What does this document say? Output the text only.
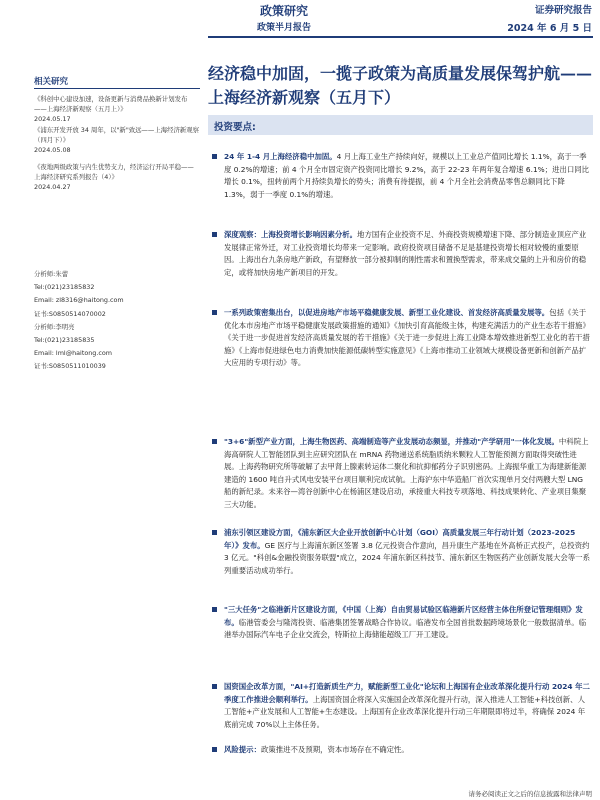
政策研究
政策半月报告
证券研究报告
2024 年 6 月 5 日
经济稳中加固，一揽子政策为高质量发展保驾护航——上海经济新观察（五月下）
相关研究
《科创中心建设加速，设备更新与消费品换新计划发布——上海经济新观察（五月上）》
2024.05.17
《浦东开发开放 34 周年，以"新"致远——上海经济新观察（四月下）》
2024.05.08
《夜地两级政策与内生优势支力，经济运行开局平稳——上海经济研究系列报告（4）》
2024.04.27
分析师:朱蕾
Tel:(021)23185832
Email: zl8316@haitong.com
证书:S0850514070002
分析师:李明亮
Tel:(021)23185835
Email: lml@haitong.com
证书:S0850511010039
投资要点:
24 年 1-4 月上海经济稳中加固。4 月上海工业生产持续向好，规模以上工业总产值同比增长 1.1%，高于一季度 0.2%的增速；前 4 个月全市固定资产投资同比增长 9.2%，高于 22-23 年两年复合增速 6.1%；进出口同比增长 0.1%，扭转前两个月持续负增长的势头；消费有待提振，前 4 个月全社会消费品零售总额同比下降 1.3%，弱于一季度 0.1%的增速。
深度观察：上海投资增长影响因素分析。地方国有企业投资不足、外商投资规模增速下降、部分制造业顶应产业发展律正常外迁，对工业投资增长均带来一定影响。政府投资项目储备不足是基建投资增长相对较慢的重要原因。上海出台九条房地产新政，有望释放一部分被抑制的刚性需求和置换型需求，带来成交量的上升和房价的稳定，或将加快房地产新项目的开发。
一系列政策密集出台，以促进房地产市场平稳健康发展、新型工业化建设、首发经济高质量发展等。包括《关于优化本市房地产市场平稳健康发展政策措施的通知》《加快引育高能级主体，构建充满活力的产业生态若干措施》《关于进一步促进首发经济高质量发展的若干措施》《关于进一步促进上海工业降本增效推进新型工业化的若干措施》《上海市促进绿色电力消费加快能源低碳转型实施意见》《上海市推动工业领域大规模设备更新和创新产品扩大应用的专项行动》等。
"3+6"新型产业方面，上海生物医药、高端制造等产业发展动态频显，并推动"产学研用"一体化发展。中科院上海高研院人工智能团队到主应研究团队在 mRNA 药物递送系统脂质纳米颗粒人工智能预测方面取得突破性进展。上海药物研究所等破解了去甲肾上腺素转运体二聚化和抗抑郁药分子识别密码。上海振华重工为海建新能源建造的 1600 吨自升式风电安装平台项目顺利完成试航。上海沪东中华造船厂首次实现单月交付两艘大型 LNG 船的新纪录。未来谷—湾谷创新中心在杨浦区建设启动，承接重大科技专项落地、科技成果转化、产业项目集聚三大功能。
浦东引领区建设方面，《浦东新区大企业开放创新中心计划（GOI）高质量发展三年行动计划（2023-2025 年）》发布。GE 医疗与上海浦东新区签署 3.8 亿元投资合作意向，昌升康生产基地在外高桥正式投产，总投资约 3 亿元。"科创&金融投资服务联盟"成立，2024 年浦东新区科技节、浦东新区生物医药产业创新发展大会等一系列重要活动成功举行。
"三大任务"之临港新片区建设方面，《中国（上海）自由贸易试验区临港新片区经营主体住所登记管理细则》发布。临港管委会与隆湾投资、临港集团签署战略合作协议。临港发布全国首批数据跨境场景化一般数据清单。临港举办国际汽车电子企业交流会，特斯拉上海储能超级工厂开工建设。
国资国企改革方面，"AI+打造新质生产力，赋能新型工业化"论坛和上海国有企业改革深化提升行动 2024 年二季度工作推进会顺利举行。上海国资国企将深入实施国企改革深化提升行动，深入推进人工智能+科技创新、人工智能+产业发展和人工智能+生态建设。上海国有企业改革深化提升行动三年期限即将过半，将确保 2024 年底前完成 70%以上主体任务。
风险提示：政策推进不及预期，资本市场存在不确定性。
请务必阅读正文之后的信息披露和法律声明
